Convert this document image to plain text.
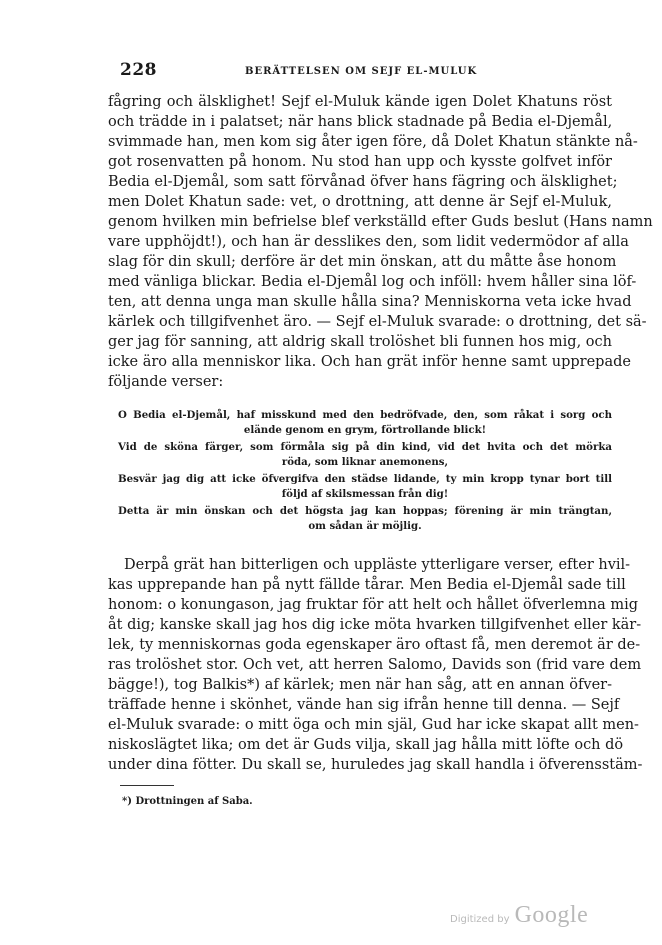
228	BERÄTTELSEN OM SEJF EL-MULUK
fågring och älsklighet! Sejf el-Muluk kände igen Dolet Khatuns röst
och trädde in i palatset; när hans blick stadnade på Bedia el-Djemål,
svimmade han, men kom sig åter igen före, då Dolet Khatun stänkte nå-
got rosenvatten på honom. Nu stod han upp och kysste golfvet inför
Bedia el-Djemål, som satt förvånad öfver hans fägring och älsklighet;
men Dolet Khatun sade: vet, o drottning, att denne är Sejf el-Muluk,
genom hvilken min befrielse blef verkställd efter Guds beslut (Hans namn
vare upphöjdt!), och han är desslikes den, som lidit vedermödor af alla
slag för din skull; derföre är det min önskan, att du måtte åse honom
med vänliga blickar. Bedia el-Djemål log och inföll: hvem håller sina löf-
ten, att denna unga man skulle hålla sina? Menniskorna veta icke hvad
kärlek och tillgifvenhet äro. — Sejf el-Muluk svarade: o drottning, det sä-
ger jag för sanning, att aldrig skall trolöshet bli funnen hos mig, och
icke äro alla menniskor lika. Och han grät inför henne samt upprepade
följande verser:
O Bedia el-Djemål, haf misskund med den bedröfvade, den, som råkat i sorg och
elände genom en grym, förtrollande blick!
Vid de sköna färger, som förmåla sig på din kind, vid det hvita och det mörka
röda, som liknar anemonens,
Besvär jag dig att icke öfvergifva den städse lidande, ty min kropp tynar bort till
följd af skilsmessan från dig!
Detta är min önskan och det högsta jag kan hoppas; förening är min trängtan,
om sådan är möjlig.
Derpå grät han bitterligen och uppläste ytterligare verser, efter hvil-
kas upprepande han på nytt fällde tårar. Men Bedia el-Djemål sade till
honom: o konungason, jag fruktar för att helt och hållet öfverlemna mig
åt dig; kanske skall jag hos dig icke möta hvarken tillgifvenhet eller kär-
lek, ty menniskornas goda egenskaper äro oftast få, men deremot är de-
ras trolöshet stor. Och vet, att herren Salomo, Davids son (frid vare dem
bägge!), tog Balkis*) af kärlek; men när han såg, att en annan öfver-
träffade henne i skönhet, vände han sig ifrån henne till denna. — Sejf
el-Muluk svarade: o mitt öga och min själ, Gud har icke skapat allt men-
niskoslägtet lika; om det är Guds vilja, skall jag hålla mitt löfte och dö
under dina fötter. Du skall se, huruledes jag skall handla i öfverensstäm-
*) Drottningen af Saba.
Digitized by Google
